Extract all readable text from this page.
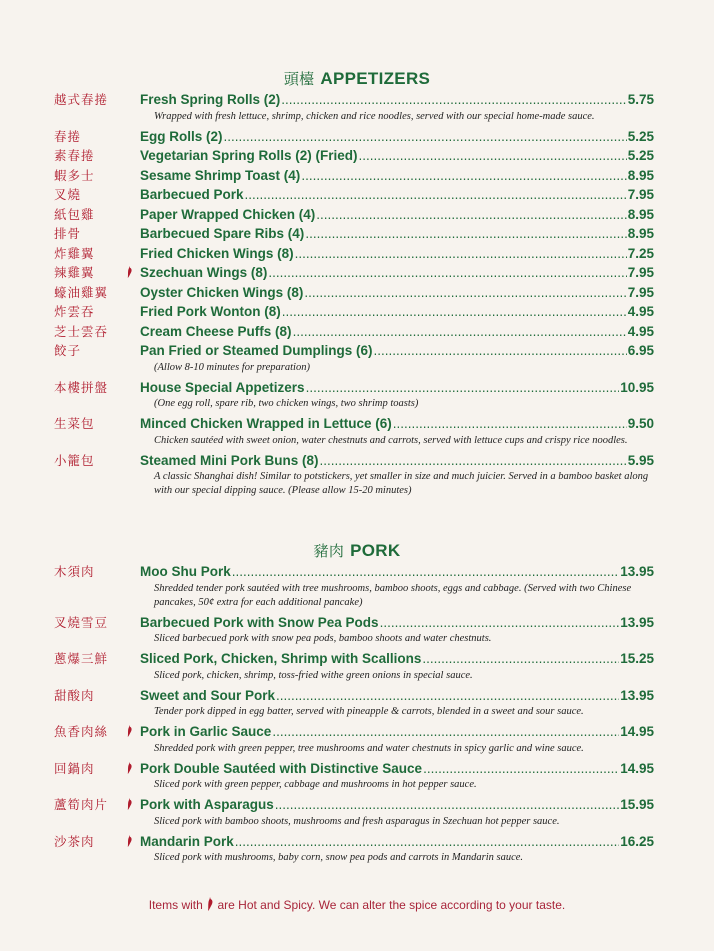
頭檯 APPETIZERS
越式春捲	Fresh Spring Rolls (2) .....	5.75
Wrapped with fresh lettuce, shrimp, chicken and rice noodles, served with our special home-made sauce.
春捲	Egg Rolls (2) .....	5.25
素春捲	Vegetarian Spring Rolls (2) (Fried) .....	5.25
蝦多士	Sesame Shrimp Toast (4) .....	8.95
叉燒	Barbecued Pork .....	7.95
紙包雞	Paper Wrapped Chicken (4) .....	8.95
排骨	Barbecued Spare Ribs (4) .....	8.95
炸雞翼	Fried Chicken Wings (8) .....	7.25
辣雞翼	Szechuan Wings (8) .....	7.95
蠔油雞翼	Oyster Chicken Wings (8) .....	7.95
炸雲吞	Fried Pork Wonton (8) .....	4.95
芝士雲吞	Cream Cheese Puffs (8) .....	4.95
餃子	Pan Fried or Steamed Dumplings (6) .....	6.95
(Allow 8-10 minutes for preparation)
本樓拼盤	House Special Appetizers .....	10.95
(One egg roll, spare rib, two chicken wings, two shrimp toasts)
生菜包	Minced Chicken Wrapped in Lettuce (6) .....	9.50
Chicken sautéed with sweet onion, water chestnuts and carrots, served with lettuce cups and crispy rice noodles.
小籠包	Steamed Mini Pork Buns (8) .....	5.95
A classic Shanghai dish! Similar to potstickers, yet smaller in size and much juicier. Served in a bamboo basket along with our special dipping sauce. (Please allow 15-20 minutes)
豬肉 PORK
木須肉	Moo Shu Pork .....	13.95
Shredded tender pork sautéed with tree mushrooms, bamboo shoots, eggs and cabbage. (Served with two Chinese pancakes, 50¢ extra for each additional pancake)
叉燒雪豆	Barbecued Pork with Snow Pea Pods .....	13.95
Sliced barbecued pork with snow pea pods, bamboo shoots and water chestnuts.
蔥爆三鮮	Sliced Pork, Chicken, Shrimp with Scallions .....	15.25
Sliced pork, chicken, shrimp, toss-fried withe green onions in special sauce.
甜酸肉	Sweet and Sour Pork .....	13.95
Tender pork dipped in egg batter, served with pineapple & carrots, blended in a sweet and sour sauce.
魚香肉絲	Pork in Garlic Sauce .....	14.95
Shredded pork with green pepper, tree mushrooms and water chestnuts in spicy garlic and wine sauce.
回鍋肉	Pork Double Sautéed with Distinctive Sauce .....	14.95
Sliced pork with green pepper, cabbage and mushrooms in hot pepper sauce.
蘆筍肉片	Pork with Asparagus .....	15.95
Sliced pork with bamboo shoots, mushrooms and fresh asparagus in Szechuan hot pepper sauce.
沙茶肉	Mandarin Pork .....	16.25
Sliced pork with mushrooms, baby corn, snow pea pods and carrots in Mandarin sauce.
Items with are Hot and Spicy. We can alter the spice according to your taste.
